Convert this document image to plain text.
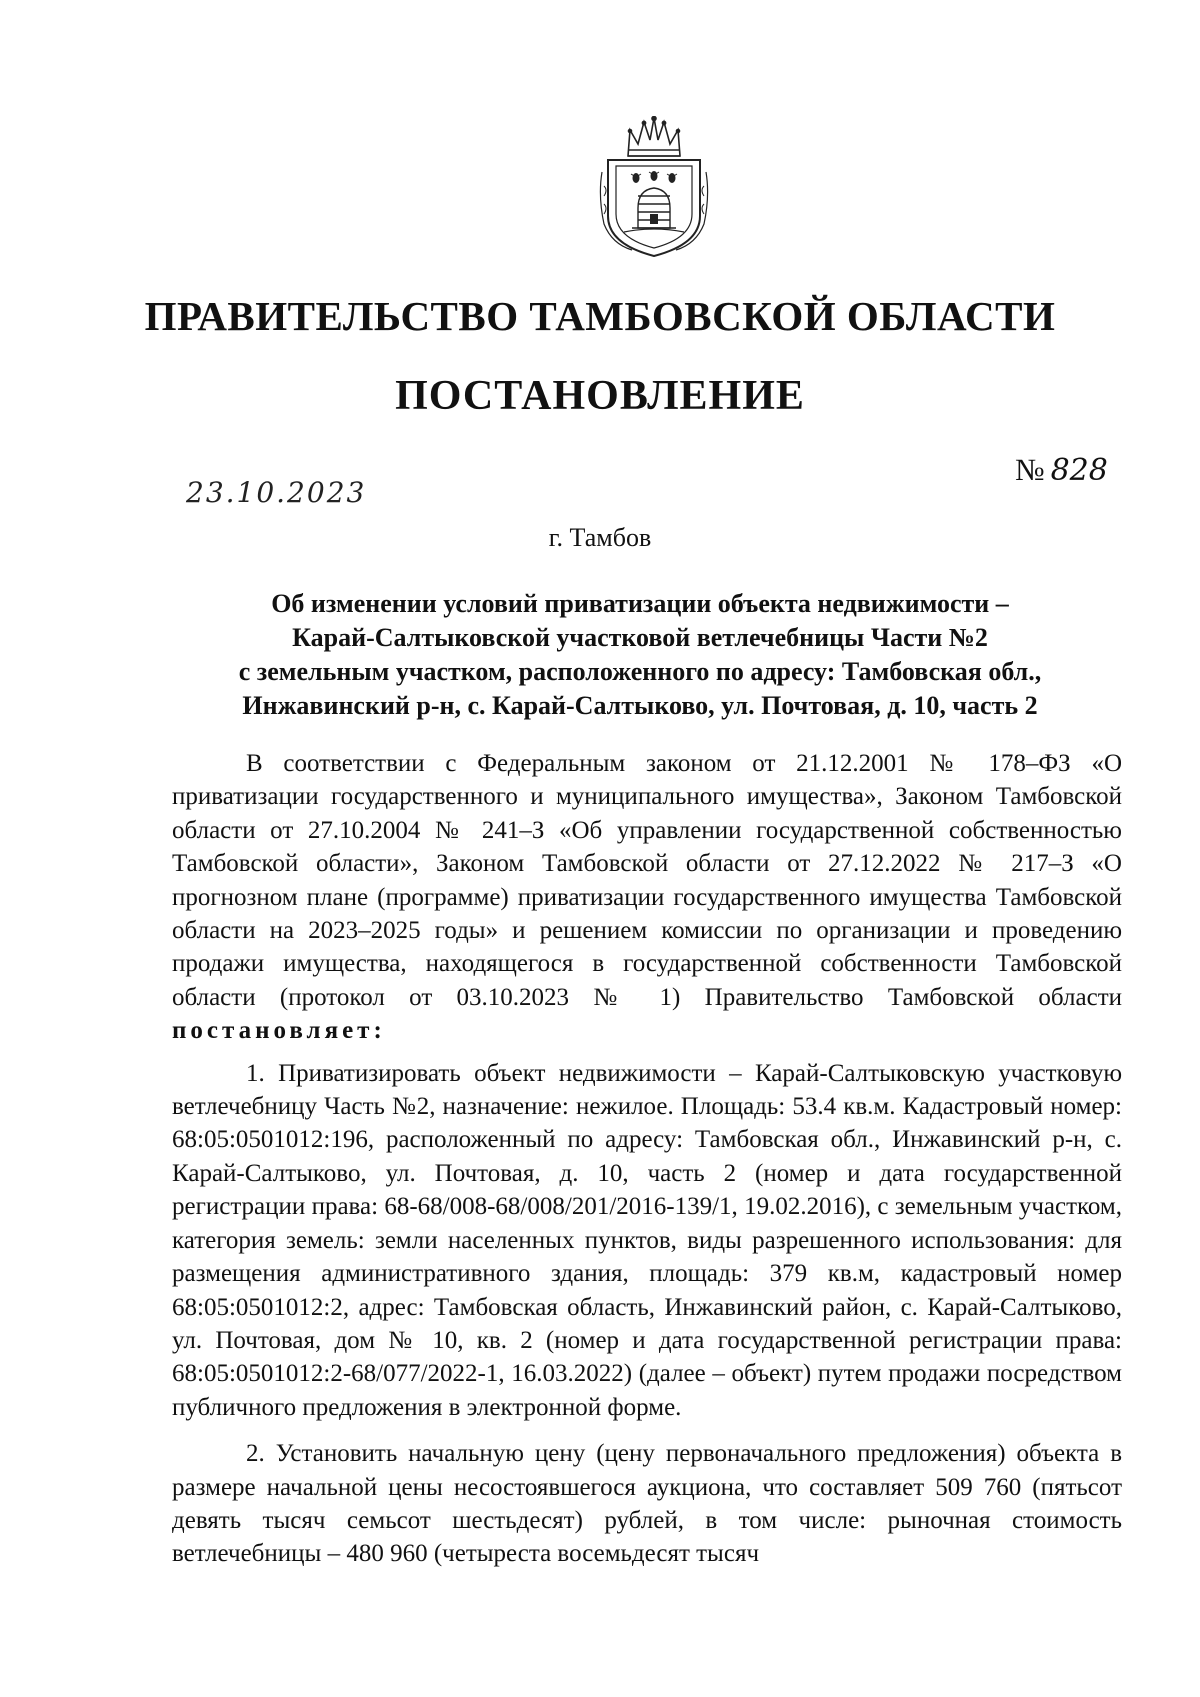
ПРАВИТЕЛЬСТВО ТАМБОВСКОЙ ОБЛАСТИ
ПОСТАНОВЛЕНИЕ
23.10.2023
№ 828
г. Тамбов
Об изменении условий приватизации объекта недвижимости –
Карай-Салтыковской участковой ветлечебницы Части №2
с земельным участком, расположенного по адресу: Тамбовская обл.,
Инжавинский р-н, с. Карай-Салтыково, ул. Почтовая, д. 10, часть 2

В соответствии с Федеральным законом от 21.12.2001 № 178–ФЗ «О приватизации государственного и муниципального имущества», Законом Тамбовской области от 27.10.2004 № 241–З «Об управлении государственной собственностью Тамбовской области», Законом Тамбовской области от 27.12.2022 № 217–З «О прогнозном плане (программе) приватизации государственного имущества Тамбовской области на 2023–2025 годы» и решением комиссии по организации и проведению продажи имущества, находящегося в государственной собственности Тамбовской области (протокол от 03.10.2023 № 1) Правительство Тамбовской области постановляет:

1. Приватизировать объект недвижимости – Карай-Салтыковскую участковую ветлечебницу Часть №2, назначение: нежилое. Площадь: 53.4 кв.м. Кадастровый номер: 68:05:0501012:196, расположенный по адресу: Тамбовская обл., Инжавинский р-н, с. Карай-Салтыково, ул. Почтовая, д. 10, часть 2 (номер и дата государственной регистрации права: 68-68/008-68/008/201/2016-139/1, 19.02.2016), с земельным участком, категория земель: земли населенных пунктов, виды разрешенного использования: для размещения административного здания, площадь: 379 кв.м, кадастровый номер 68:05:0501012:2, адрес: Тамбовская область, Инжавинский район, с. Карай-Салтыково, ул. Почтовая, дом № 10, кв. 2 (номер и дата государственной регистрации права: 68:05:0501012:2-68/077/2022-1, 16.03.2022) (далее – объект) путем продажи посредством публичного предложения в электронной форме.

2. Установить начальную цену (цену первоначального предложения) объекта в размере начальной цены несостоявшегося аукциона, что составляет 509 760 (пятьсот девять тысяч семьсот шестьдесят) рублей, в том числе: рыночная стоимость ветлечебницы – 480 960 (четыреста восемьдесят тысяч
